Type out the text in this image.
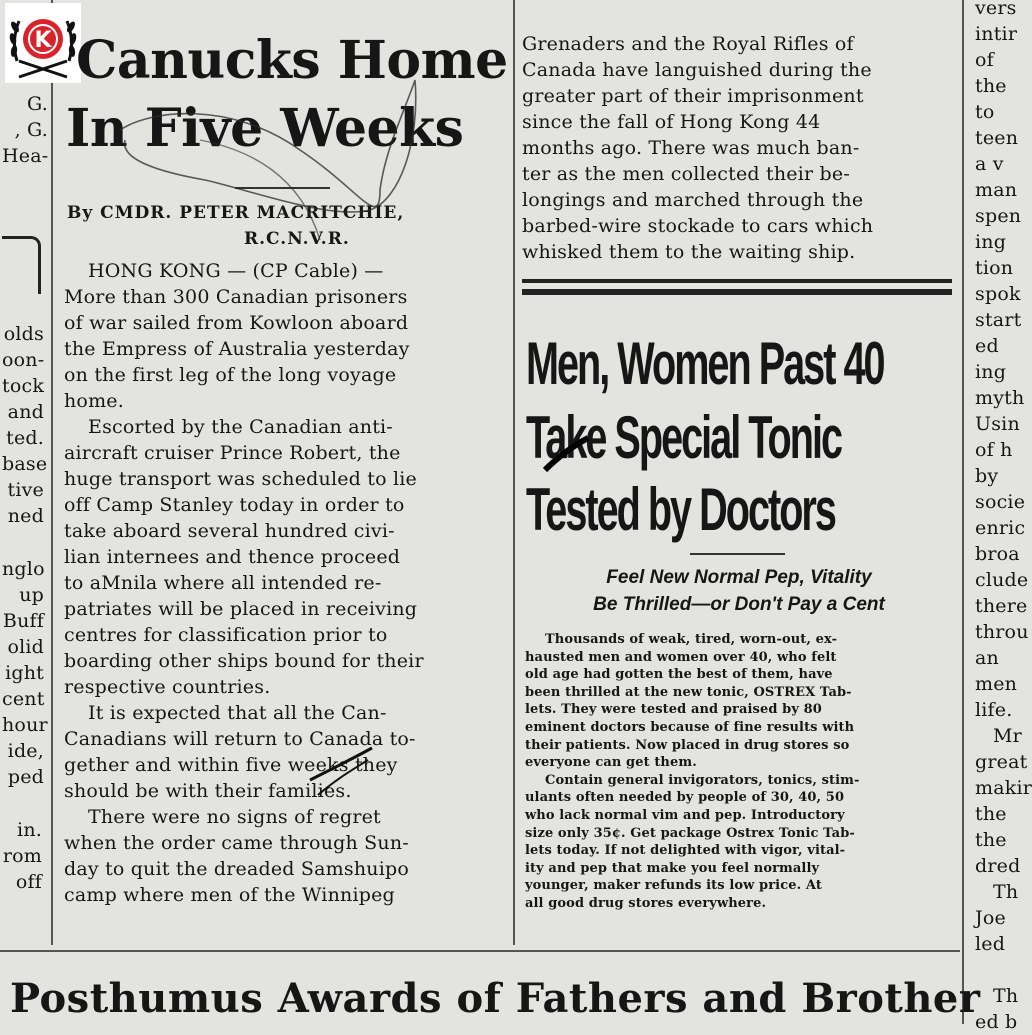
K
G.
, G.
Hea-
olds
oon-
tock
and
ted.
base
tive
ned
nglo
up
Buff
olid
ight
cent
hour
ide,
ped
in.
rom
off
Canucks Home
In Five Weeks
By CMDR. PETER MACRITCHIE,
R.C.N.V.R.
HONG KONG — (CP Cable) —
More than 300 Canadian prisoners
of war sailed from Kowloon aboard
the Empress of Australia yesterday
on the first leg of the long voyage
home.
Escorted by the Canadian anti-
aircraft cruiser Prince Robert, the
huge transport was scheduled to lie
off Camp Stanley today in order to
take aboard several hundred civi-
lian internees and thence proceed
to aMnila where all intended re-
patriates will be placed in receiving
centres for classification prior to
boarding other ships bound for their
respective countries.
It is expected that all the Can-
Canadians will return to Canada to-
gether and within five weeks they
should be with their families.
There were no signs of regret
when the order came through Sun-
day to quit the dreaded Samshuipo
camp where men of the Winnipeg
Grenaders and the Royal Rifles of
Canada have languished during the
greater part of their imprisonment
since the fall of Hong Kong 44
months ago. There was much ban-
ter as the men collected their be-
longings and marched through the
barbed-wire stockade to cars which
whisked them to the waiting ship.
Men, Women Past 40
Take Special Tonic
Tested by Doctors
Feel New Normal Pep, Vitality
Be Thrilled—or Don't Pay a Cent
Thousands of weak, tired, worn-out, ex-
hausted men and women over 40, who felt
old age had gotten the best of them, have
been thrilled at the new tonic, OSTREX Tab-
lets. They were tested and praised by 80
eminent doctors because of fine results with
their patients. Now placed in drug stores so
everyone can get them.
Contain general invigorators, tonics, stim-
ulants often needed by people of 30, 40, 50
who lack normal vim and pep. Introductory
size only 35¢. Get package Ostrex Tonic Tab-
lets today. If not delighted with vigor, vital-
ity and pep that make you feel normally
younger, maker refunds its low price. At
all good drug stores everywhere.
vers
intir
of
the
to
teen
a v
man
spen
ing
tion
spok
start
ed
ing
myth
Usin
of h
by
socie
enric
broa
clude
there
throu
an
men
life.
Mr
great
makir
the
the
dred
Th
Joe
led
Th
ed b
Posthumus Awards of Fathers and Brother
